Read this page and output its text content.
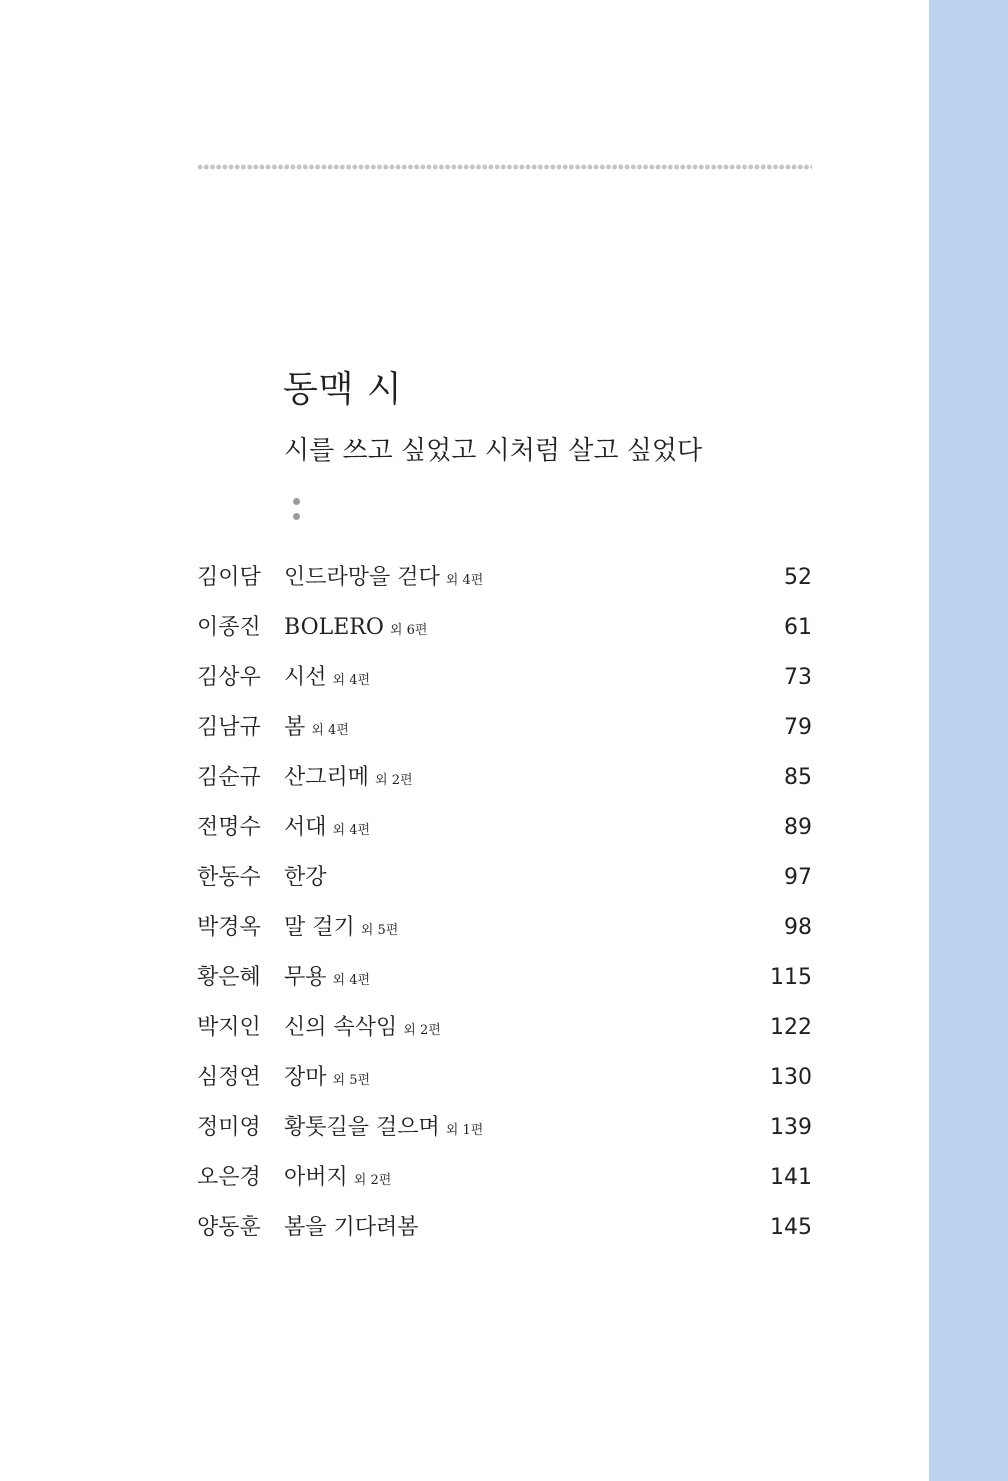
동맥 시
시를 쓰고 싶었고 시처럼 살고 싶었다
김이담 인드라망을 걷다 외 4편	52
이종진 BOLERO 외 6편	61
김상우 시선 외 4편	73
김남규 봄외 4편	79
김순규 산그리메 외 2편	85
전명수 서대 외 4편	89
한동수 한강	97
박경옥 말 걸기 외 5편	98
황은혜 무용 외 4편	115
박지인 신의 속삭임 외 2편	122
심정연 장마 외 5편	130
정미영 황톳길을 걸으며 외 1편	139
오은경 아버지 외 2편	141
양동훈 봄을 기다려봄	145
